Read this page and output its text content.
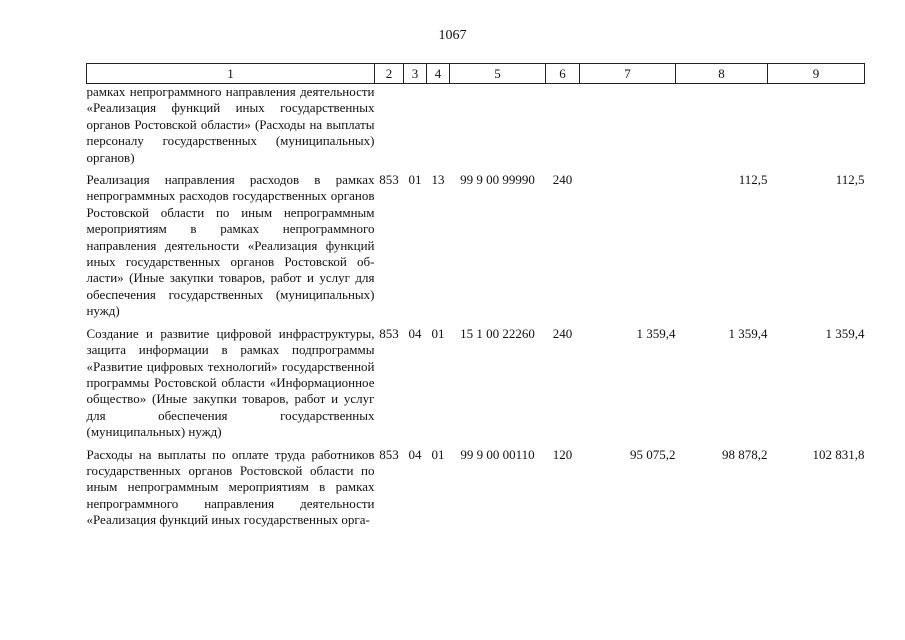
1067
1	2	3	4	5	6	7	8	9
рамках непрограммного направления деятельности «Реализация функций иных государственных органов Ростовской области» (Расходы на выплаты персоналу государственных (муниципальных) органов)								
Реализация направления расходов в рамках непрограммных расходов государственных органов Ростовской области по иным непрограммным мероприятиям в рамках непрограммного направления деятельности «Реализация функций иных государственных органов Ростовской области» (Иные закупки товаров, работ и услуг для обеспечения государственных (муниципальных) нужд)	853	01	13	99 9 00 99990	240		112,5	112,5
Создание и развитие цифровой инфраструктуры, защита информации в рамках подпрограммы «Развитие цифровых технологий» государственной программы Ростовской области «Информационное общество» (Иные закупки товаров, работ и услуг для обеспечения государственных (муниципальных) нужд)	853	04	01	15 1 00 22260	240	1 359,4	1 359,4	1 359,4
Расходы на выплаты по оплате труда работников государственных органов Ростовской области по иным непрограммным мероприятиям в рамках непрограммного направления деятельности «Реализация функций иных государственных орга-	853	04	01	99 9 00 00110	120	95 075,2	98 878,2	102 831,8
